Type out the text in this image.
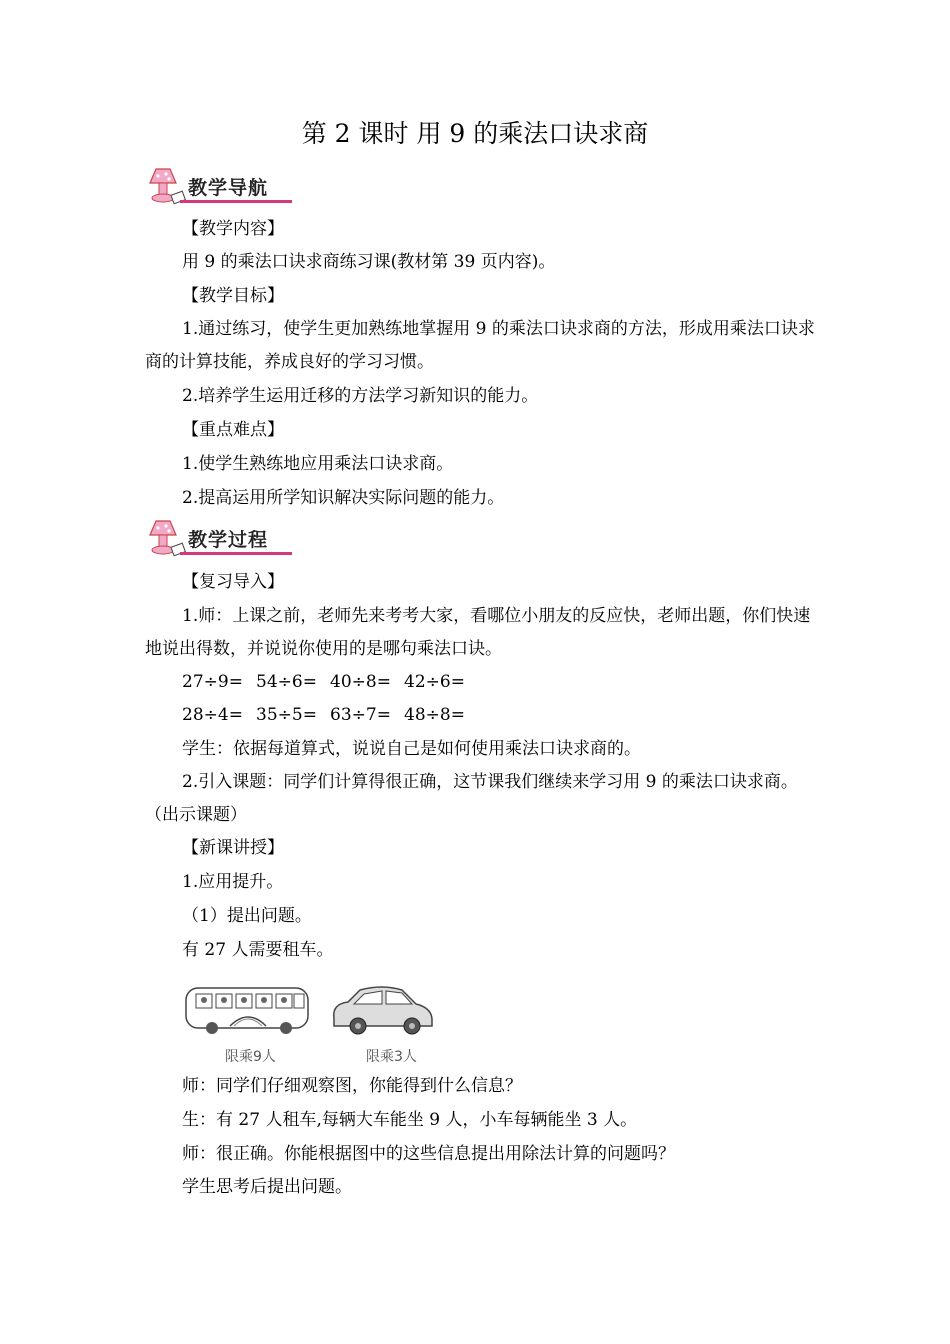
第 2 课时 用 9 的乘法口诀求商
教学导航
【教学内容】
用 9 的乘法口诀求商练习课(教材第 39 页内容)。
【教学目标】
1.通过练习，使学生更加熟练地掌握用 9 的乘法口诀求商的方法，形成用乘法口诀求商的计算技能，养成良好的学习习惯。
2.培养学生运用迁移的方法学习新知识的能力。
【重点难点】
1.使学生熟练地应用乘法口诀求商。
2.提高运用所学知识解决实际问题的能力。
教学过程
【复习导入】
1.师：上课之前，老师先来考考大家，看哪位小朋友的反应快，老师出题，你们快速地说出得数，并说说你使用的是哪句乘法口诀。
27÷9= 54÷6= 40÷8= 42÷6=
28÷4= 35÷5= 63÷7= 48÷8=
学生：依据每道算式，说说自己是如何使用乘法口诀求商的。
2.引入课题：同学们计算得很正确，这节课我们继续来学习用 9 的乘法口诀求商。（出示课题）
【新课讲授】
1.应用提升。
（1）提出问题。
有 27 人需要租车。
限乘9人	限乘3人
师：同学们仔细观察图，你能得到什么信息？
生：有 27 人租车,每辆大车能坐 9 人，小车每辆能坐 3 人。
师：很正确。你能根据图中的这些信息提出用除法计算的问题吗？
学生思考后提出问题。
